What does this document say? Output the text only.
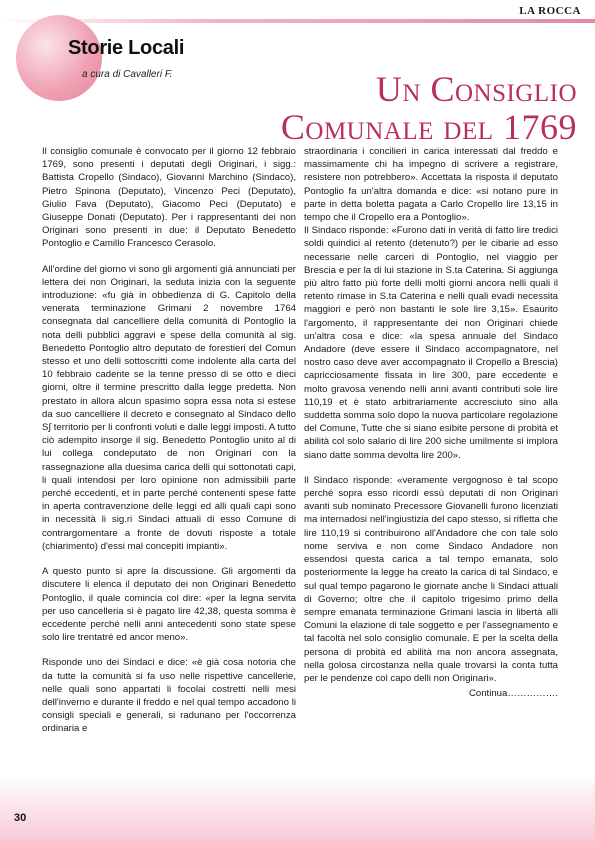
LA ROCCA
Storie Locali
a cura di Cavalleri F.	Un Consiglio
Comunale del 1769

Il consiglio comunale è convocato per il giorno 12 febbraio 1769, sono presenti i deputati degli Originari, i sigg.: Battista Cropello (Sindaco), Giovanni Marchino (Sindaco), Pietro Spinona (Deputato), Vincenzo Peci (Deputato), Giulio Fava (Deputato), Giacomo Peci (Deputato) e Giuseppe Donati (Deputato). Per i rappresentanti dei non Originari sono presenti in due: il Deputato Benedetto Pontoglio e Camillo Francesco Cerasolo.

All'ordine del giorno vi sono gli argomenti già annunciati per lettera dei non Originari, la seduta inizia con la seguente introduzione: «fu già in obbedienza di G. Capitolo della venerata terminazione Grimani 2 novembre 1764 consegnata dal cancelliere della comunità di Pontoglio la nota delli pubblici aggravi e spese della comunità al sig. Benedetto Pontoglio altro deputato de forestieri del Comun stesso et uno delli sottoscritti come indolente alla carta del 10 febbraio cadente se la tenne presso di se otto e dieci giorni, oltre il termine prescritto dalla legge predetta. Non prestato in allora alcun spasimo sopra essa nota si estese da suo cancelliere il decreto e consegnato al Sindaco dello S∫ territorio per li confronti voluti e dalle leggi imposti. A tutto ciò adempito insorge il sig. Benedetto Pontoglio unito al di lui collega condeputato de non Originari con la rassegnazione alla duesima carica delli qui sottonotati capi, li quali intendosi per loro opinione non admissibili parte perché eccedenti, et in parte perché contenenti spese fatte in aperta contravenzione delle leggi ed alli quali capi sono in necessità li sig.ri Sindaci attuali di esso Comune di contrargomentare a fronte de dovuti risposte a totale (chiarimento) d'essi mal concepiti impianti».

A questo punto si apre la discussione. Gli argomenti da discutere li elenca il deputato dei non Originari Benedetto Pontoglio, il quale comincia col dire: «per la legna servita per uso cancelleria si è pagato lire 42,38, questa somma è eccedente perché nelli anni antecedenti sono state spese solo lire trentatré ed ancor meno».

Risponde uno dei Sindaci e dice: «è già cosa notoria che da tutte la comunità si fa uso nelle rispettive cancellerie, nelle quali sono appartati li focolai costretti nelli mesi dell'inverno e durante il freddo e nel qual tempo accadono li consigli speciali e generali, si radunano per l'occorrenza ordinaria e

straordinaria i concilieri in carica interessati dal freddo e massimamente chi ha impegno di scrivere a registrare, resistere non potrebbero». Accettata la risposta il deputato Pontoglio fa un'altra domanda e dice: «si notano pure in parte in detta boletta pagata a Carlo Cropello lire 13,15 in tempo che il Cropello era a Pontoglio».

Il Sindaco risponde: «Furono dati in verità di fatto lire tredici soldi quindici al retento (detenuto?) per le cibarie ad esso necessarie nelle carceri di Pontoglio, nel viaggio per Brescia e per la di lui stazione in S.ta Caterina. Si aggiunga più altro fatto più forte delli molti giorni ancora nelli quali il retento rimase in S.ta Caterina e nelli quali evadi necessita maggiori e però non bastanti le sole lire 3,15». Esaurito l'argomento, il rappresentante dei non Originari chiede un'altra cosa e dice: «la spesa annuale del Sindaco Andadore (deve essere il Sindaco accompagnatore, nel nostro caso deve aver accompagnato il Cropello a Brescia) capricciosamente fissata in lire 300, pare eccedente e molto gravosa venendo nelli anni avanti contributi sole lire 110,19 et è stato arbitrariamente accresciuto sino alla suddetta somma solo dopo la nuova particolare regolazione del Comune, Tutte che si siano esibite persone di probità et abilità col solo salario di lire 200 siche umilmente si implora siano datte somma devolta lire 200».

Il Sindaco risponde: «veramente vergognoso è tal scopo perché sopra esso ricordi essù deputati di non Originari avanti sub nominato Precessore Giovanelli furono licenziati ma internadosi nell'ingiustizia del capo stesso, si rifletta che lire 110,19 si contribuirono all'Andadore che con tale solo nome serviva e non come Sindaco Andadore non essendosi questa carica a tal tempo emanata, solo posteriormente la legge ha creato la carica di tal Sindaco, e sul qual tempo pagarono le giornate anche li Sindaci attuali di Governo; oltre che il capitolo trigesimo primo della sempre emanata terminazione Grimani lascia in libertà alli Comuni la elazione di tale soggetto e per l'assegnamento e tal facoltà nel solo consiglio comunale. E per la scelta della persona di probità ed abilità ma non ancora assegnata, nella golosa circostanza nella quale trovarsi la conta tutta per le pendenze col capo delli non Originari».

Continua…………….

30
